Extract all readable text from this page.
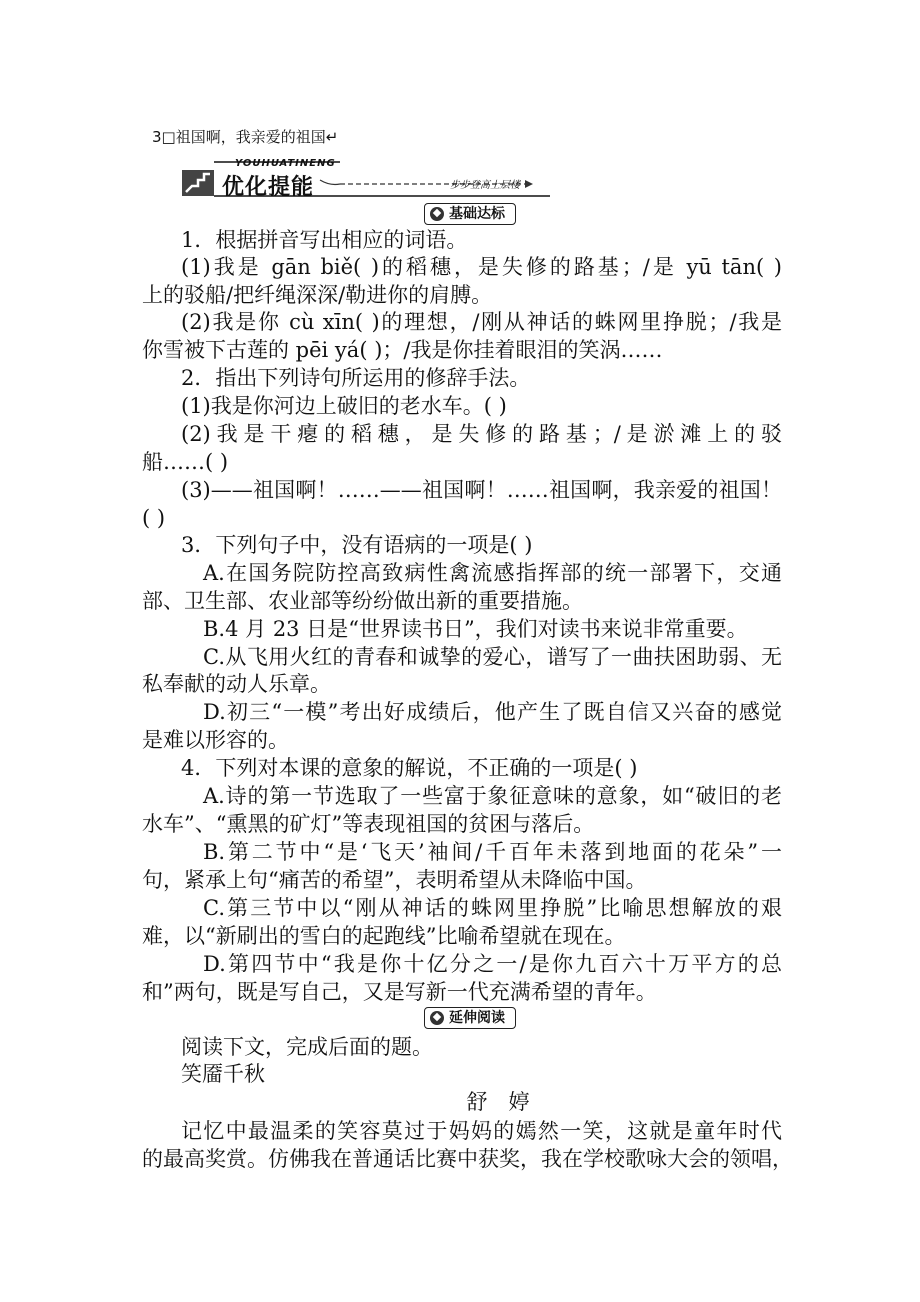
3□祖国啊，我亲爱的祖国↵
YOUHUATINENG
优化提能	步步登高上层楼
基础达标
1．根据拼音写出相应的词语。
(1)我是 gān biě( )的稻穗，是失修的路基；/是 yū tān( )
上的驳船/把纤绳深深/勒进你的肩膊。
(2)我是你 cù xīn( )的理想，/刚从神话的蛛网里挣脱；/我是
你雪被下古莲的 pēi yá( )；/我是你挂着眼泪的笑涡……
2．指出下列诗句所运用的修辞手法。
(1)我是你河边上破旧的老水车。( )
(2)我是干瘪的稻穗，是失修的路基；/是淤滩上的驳
船……( )
(3)——祖国啊！……——祖国啊！……祖国啊，我亲爱的祖国！
( )
3．下列句子中，没有语病的一项是( )
A.在国务院防控高致病性禽流感指挥部的统一部署下，交通
部、卫生部、农业部等纷纷做出新的重要措施。
B.4 月 23 日是“世界读书日”，我们对读书来说非常重要。
C.从飞用火红的青春和诚挚的爱心，谱写了一曲扶困助弱、无
私奉献的动人乐章。
D.初三“一模”考出好成绩后，他产生了既自信又兴奋的感觉
是难以形容的。
4．下列对本课的意象的解说，不正确的一项是( )
A.诗的第一节选取了一些富于象征意味的意象，如“破旧的老
水车”、“熏黑的矿灯”等表现祖国的贫困与落后。
B.第二节中“是‘飞天’袖间/千百年未落到地面的花朵”一
句，紧承上句“痛苦的希望”，表明希望从未降临中国。
C.第三节中以“刚从神话的蛛网里挣脱”比喻思想解放的艰
难，以“新刷出的雪白的起跑线”比喻希望就在现在。
D.第四节中“我是你十亿分之一/是你九百六十万平方的总
和”两句，既是写自己，又是写新一代充满希望的青年。
延伸阅读
阅读下文，完成后面的题。
笑靥千秋
舒　婷
记忆中最温柔的笑容莫过于妈妈的嫣然一笑，这就是童年时代
的最高奖赏。仿佛我在普通话比赛中获奖，我在学校歌咏大会的领唱，
